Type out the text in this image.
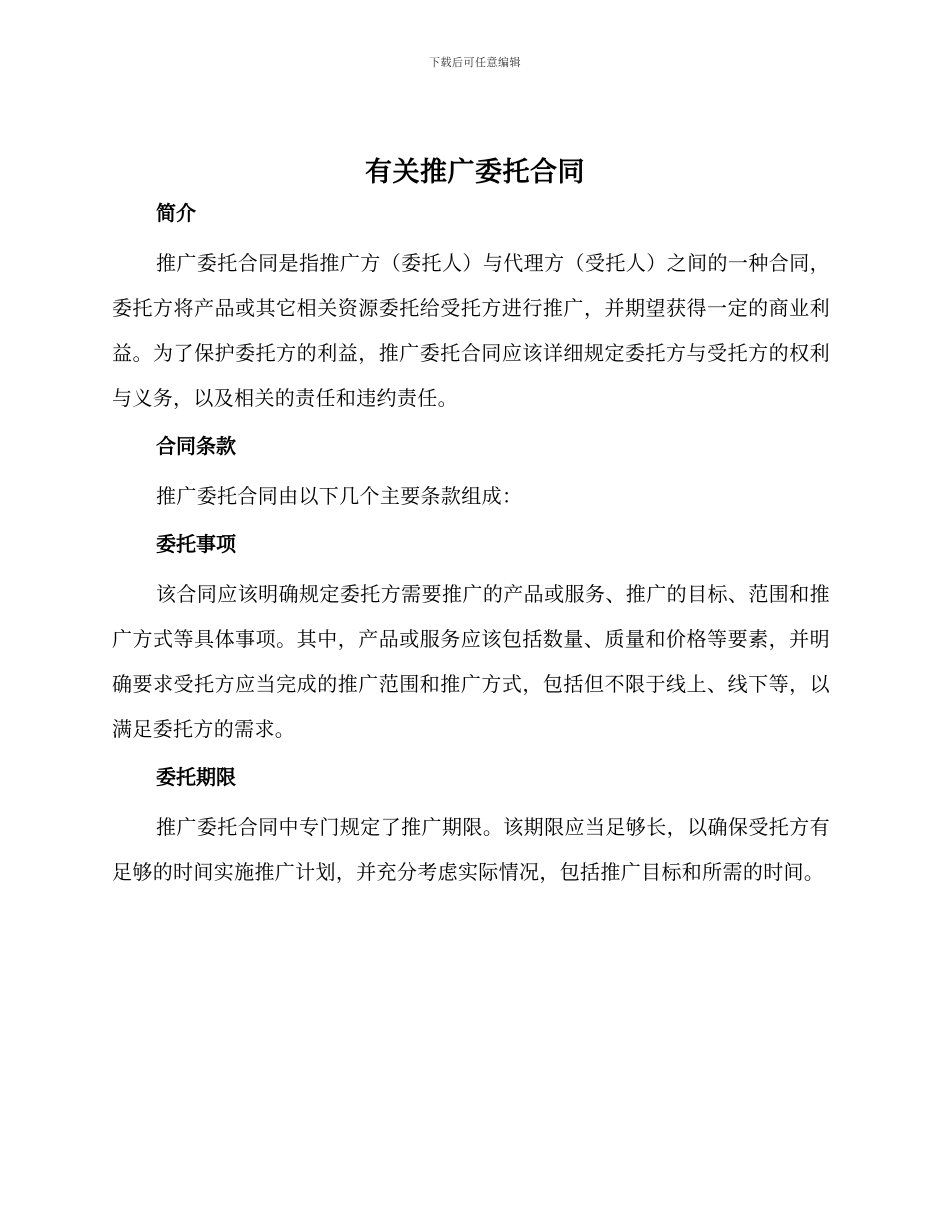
下载后可任意编辑
有关推广委托合同

简介

推广委托合同是指推广方（委托人）与代理方（受托人）之间的一种合同，委托方将产品或其它相关资源委托给受托方进行推广，并期望获得一定的商业利益。为了保护委托方的利益，推广委托合同应该详细规定委托方与受托方的权利与义务，以及相关的责任和违约责任。

合同条款

推广委托合同由以下几个主要条款组成：

委托事项

该合同应该明确规定委托方需要推广的产品或服务、推广的目标、范围和推广方式等具体事项。其中，产品或服务应该包括数量、质量和价格等要素，并明确要求受托方应当完成的推广范围和推广方式，包括但不限于线上、线下等，以满足委托方的需求。

委托期限

推广委托合同中专门规定了推广期限。该期限应当足够长，以确保受托方有足够的时间实施推广计划，并充分考虑实际情况，包括推广目标和所需的时间。
